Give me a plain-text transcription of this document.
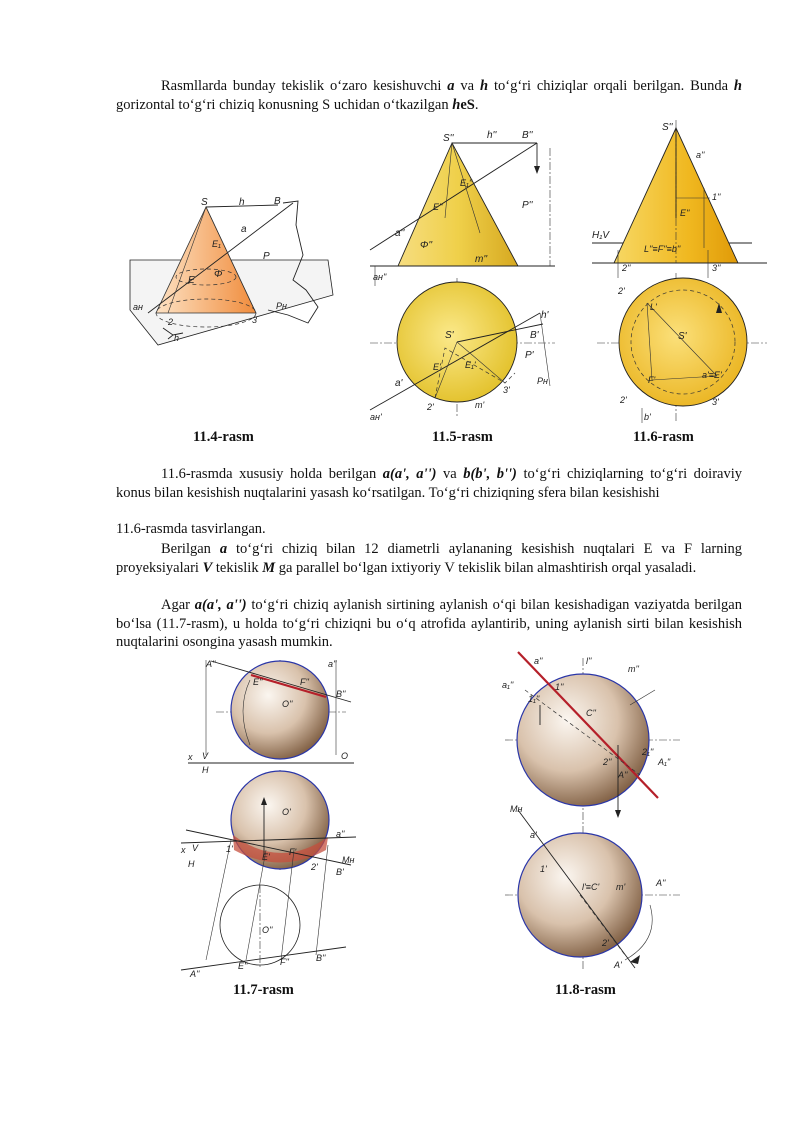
Rasmllarda bunday tekislik o‘zaro kesishuvchi a va h to‘g‘ri chiziqlar orqali berilgan. Bunda h gorizontal to‘g‘ri chiziq konusning S uchidan o‘tkazilgan heS.
S	h	B
E₁
a
P
E
Φ
aн	Pн
2	3
h
S''	h''	B''
E₁''
E''
a''
Φ''
m''
P''
aн''
S'
h'
B'
P'
E'	E₁'
a'
2'
3'
m'
Pн
aн'
S''
a''
1''
E''
H₁V
L''≡F''≡b''
2''	3''
2'
L'
S'
F'	a'≡E'
2'
b'
3'
11.4-rasm	11.5-rasm	11.6-rasm
11.6-rasmda xususiy holda berilgan a(a', a'') va b(b', b'') to‘g‘ri chiziqlarning to‘g‘ri doiraviy konus bilan kesishish nuqtalarini yasash ko‘rsatilgan. To‘g‘ri chiziqning sfera bilan kesishishi
11.6-rasmda tasvirlangan.
Berilgan a to‘g‘ri chiziq bilan 12 diametrli aylananing kesishish nuqtalari E va F larning proyeksiyalari V tekislik M ga parallel bo‘lgan ixtiyoriy V tekislik bilan almashtirish orqal yasaladi.
Agar a(a', a'') to‘g‘ri chiziq aylanish sirtining aylanish o‘qi bilan kesishadigan vaziyatda berilgan bo‘lsa (11.7-rasm), u holda to‘g‘ri chiziqni bu o‘q atrofida aylantirib, uning aylanish sirti bilan kesishish nuqtalarini osongina yasash mumkin.
A''
E''	F''
a''
B''
O''
x V
H
O
O'
a''
1'
E' F'
2' B'
x V
H	Mн
O''
A''
E''	F''	B''
a''	l''
m''
a₁''	1''
1₁''
C''
2₁''
A₁''
2''
A''
Mн
a'
1'
l'≡C' m'	A''
2'
A'
11.7-rasm	11.8-rasm
